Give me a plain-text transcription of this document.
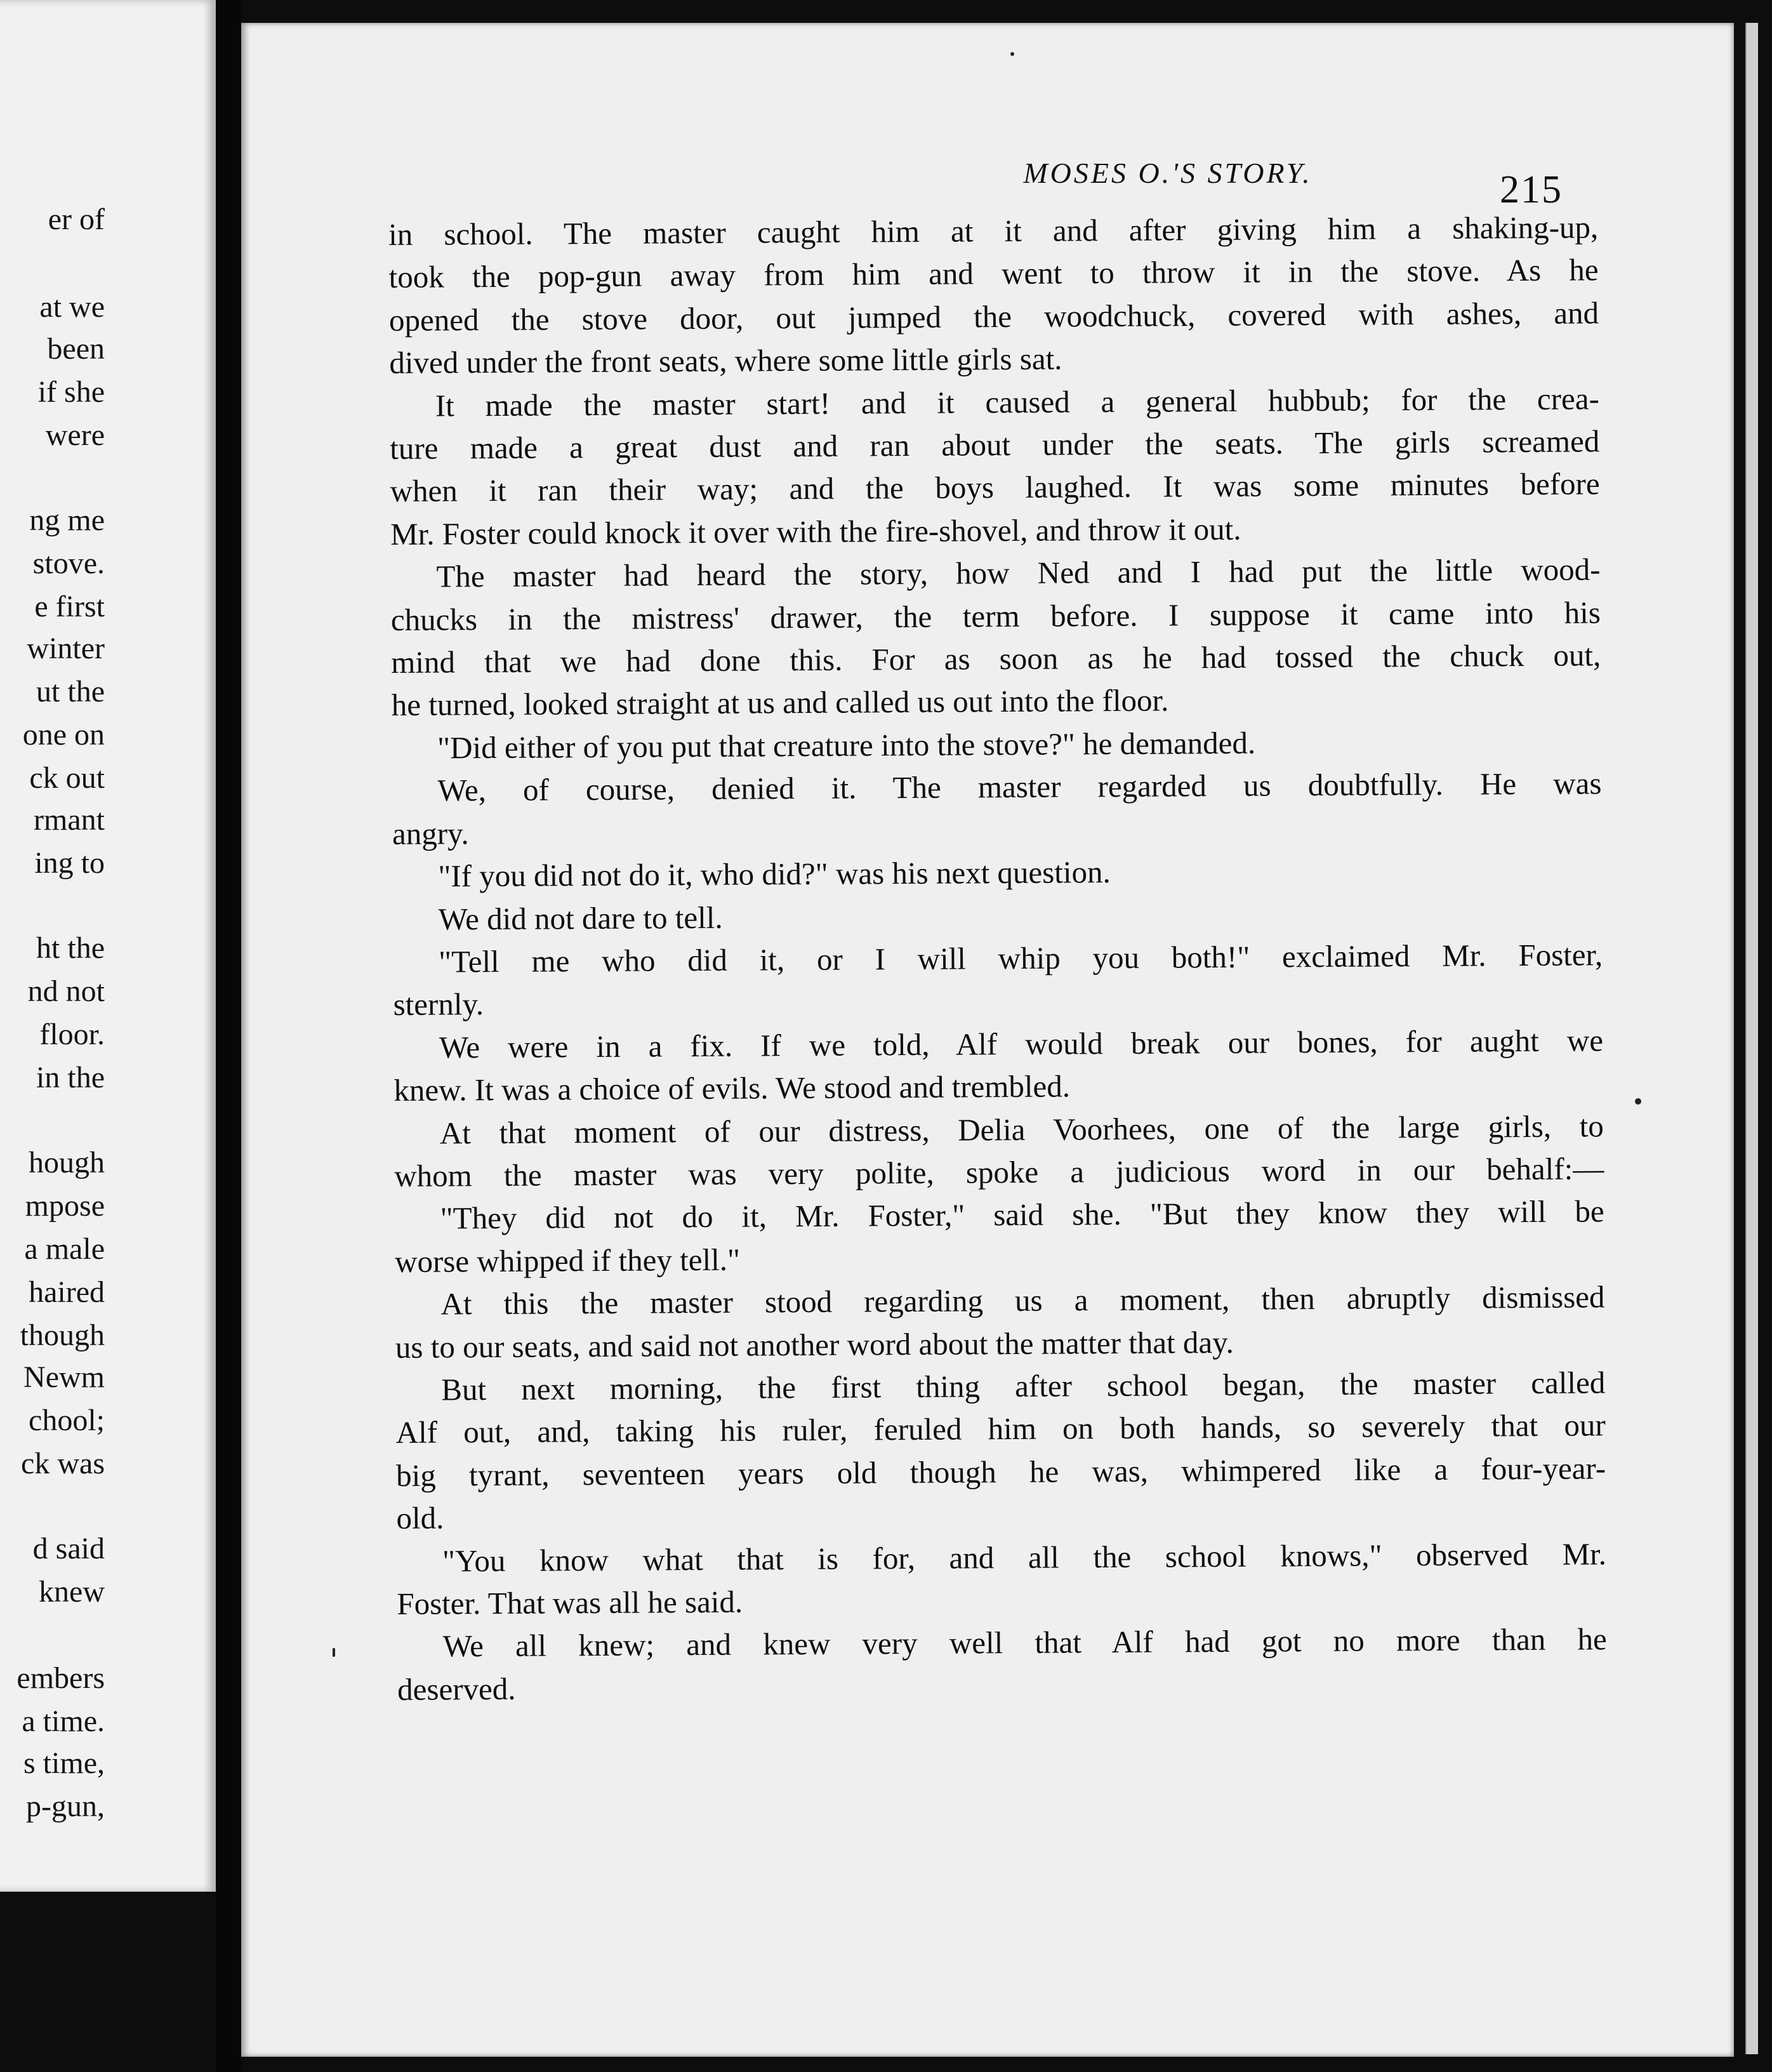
er of
at we
been
if she
were
ng me
stove.
e first
winter
ut the
one on
ck out
rmant
ing to
ht the
nd not
floor.
in the
hough
mpose
a male
haired
though
Newm
chool;
ck was
d said
knew
embers
a time.
s time,
p-gun,
MOSES O.'S STORY.	215
in school. The master caught him at it and after giving him a shaking-up,
took the pop-gun away from him and went to throw it in the stove. As he
opened the stove door, out jumped the woodchuck, covered with ashes, and
dived under the front seats, where some little girls sat.
It made the master start! and it caused a general hubbub; for the crea-
ture made a great dust and ran about under the seats. The girls screamed
when it ran their way; and the boys laughed. It was some minutes before
Mr. Foster could knock it over with the fire-shovel, and throw it out.
The master had heard the story, how Ned and I had put the little wood-
chucks in the mistress' drawer, the term before. I suppose it came into his
mind that we had done this. For as soon as he had tossed the chuck out,
he turned, looked straight at us and called us out into the floor.
"Did either of you put that creature into the stove?" he demanded.
We, of course, denied it. The master regarded us doubtfully. He was
angry.
"If you did not do it, who did?" was his next question.
We did not dare to tell.
"Tell me who did it, or I will whip you both!" exclaimed Mr. Foster,
sternly.
We were in a fix. If we told, Alf would break our bones, for aught we
knew. It was a choice of evils. We stood and trembled.
At that moment of our distress, Delia Voorhees, one of the large girls, to
whom the master was very polite, spoke a judicious word in our behalf:—
"They did not do it, Mr. Foster," said she. "But they know they will be
worse whipped if they tell."
At this the master stood regarding us a moment, then abruptly dismissed
us to our seats, and said not another word about the matter that day.
But next morning, the first thing after school began, the master called
Alf out, and, taking his ruler, feruled him on both hands, so severely that our
big tyrant, seventeen years old though he was, whimpered like a four-year-
old.
"You know what that is for, and all the school knows," observed Mr.
Foster. That was all he said.
We all knew; and knew very well that Alf had got no more than he
deserved.
